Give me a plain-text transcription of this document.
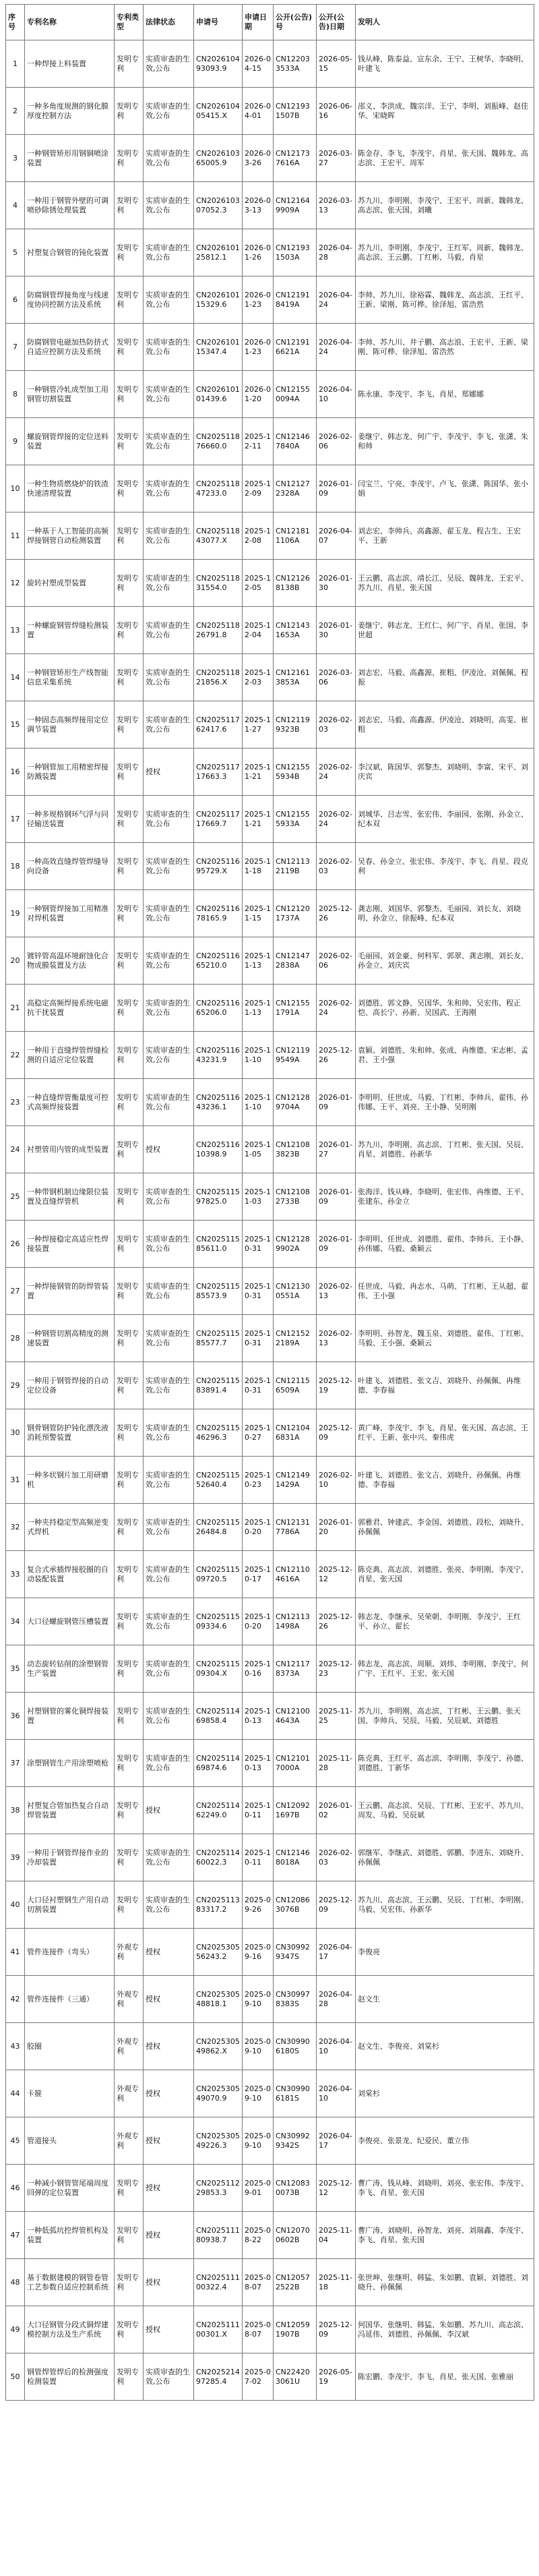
序号	专利名称	专利类型	法律状态	申请号	申请日期	公开(公告)号	公开(公告)日期	发明人
1	一种焊接上料装置	发明专利	实质审查的生效,公布	CN202610493093.9	2026-04-15	CN122033533A	2026-05-15	钱从峰、陈泰益、宣东余、王宁、王树华、李晓明、叶建飞
2	一种多角度规测的钢化膜厚度控制方法	发明专利	实质审查的生效,公布	CN202610405415.X	2026-04-01	CN121931507B	2026-06-16	邵义、李洪成、魏宗洋、王宁、李明、刘振峰、赵佳华、宋晓晖
3	一种钢管矫形用钢铜喷涂装置	发明专利	实质审查的生效,公布	CN202610365005.9	2026-03-26	CN121737616A	2026-03-27	陈金存、李飞、李茂宇、肖星、张天国、魏韩龙、高志滨、王宏平、周军
4	一种用于钢管外壁的可调喷砂除锈处理装置	发明专利	实质审查的生效,公布	CN202610307052.3	2026-03-13	CN121649909A	2026-03-13	苏九川、李明刚、李茂宁、王宏平、周新、魏韩龙、高志滨、张天国、刘曦
5	衬塑复合钢管的钝化装置	发明专利	实质审查的生效,公布	CN202610125812.1	2026-01-26	CN121931503A	2026-04-28	苏九川、李明刚、李茂宁、王红军、周新、魏韩龙、高志滨、王云鹏、丁红彬、马毅、肖星
6	防腐钢管焊接角度与线速度协同控制方法及系统	发明专利	实质审查的生效,公布	CN202610115329.6	2026-01-23	CN121918419A	2026-04-24	李帅、苏九川、徐裕霖、魏韩龙、高志滨、王红平、王新、梁刚、陈可桦、徐泽旭、雷浩然
7	防腐钢管电磁加热防挤式自适应控制方法及系统	发明专利	实质审查的生效,公布	CN202610115347.4	2026-01-23	CN121916621A	2026-04-24	李帅、苏九川、井子鹏、高志浪、王宏平、王新、梁刚、陈可桦、徐泽旭、雷浩然
8	一种钢管冷轧成型加工用钢管切割装置	发明专利	实质审查的生效,公布	CN202610101439.6	2026-01-20	CN121550094A	2026-04-10	陈永康、李茂宇、李飞、肖星、郑娜娜
9	螺旋钢管焊接的定位送料装置	发明专利	实质审查的生效,公布	CN202511876660.0	2025-12-11	CN121467840A	2026-02-06	姜继宁、韩志龙、何广宇、李茂宇、李飞、张潇、朱和帅
10	一种生物质燃烧炉的铁渣快速清理装置	发明专利	实质审查的生效,公布	CN202511847233.0	2025-12-09	CN121272328A	2026-01-09	闫宝兰、宁亮、李茂宇、卢飞、张潇、陈国华、张小娟
11	一种基于人工智能的高频焊接钢管自动检测装置	发明专利	实质审查的生效,公布	CN202511843077.X	2025-12-08	CN121811106A	2026-04-07	刘志宏、李帅兵、高鑫源、翟玉龙、程吉生、王宏平、王新
12	旋转衬塑成型装置	发明专利	实质审查的生效,公布	CN202511831554.0	2025-12-05	CN121268138B	2026-01-30	王云鹏、高志滨、靖长江、吴辰、魏韩龙、王宏平、苏九川、肖星、张天国
13	一种螺旋钢管焊缝检测装置	发明专利	实质审查的生效,公布	CN202511826791.8	2025-12-04	CN121431653A	2026-01-30	姜继宁、韩志龙、王红仁、何广宇、肖星、张国、李世超
14	一种钢管矫形生产线智能信息采集系统	发明专利	实质审查的生效,公布	CN202511821856.X	2025-12-03	CN121613853A	2026-03-06	刘志宏、马毅、高鑫源、崔粗、伊凌沧、刘佩佩、程振
15	一种固态高频焊接用定位调节装置	发明专利	实质审查的生效,公布	CN202511762417.6	2025-11-27	CN121199323B	2026-02-03	刘志宏、马毅、高鑫源、伊凌沧、刘晓明、高雯、崔粗
16	一种钢管加工用精密焊接防溅装置	发明专利	授权	CN202511717663.3	2025-11-21	CN121555934B	2026-02-24	李汉斌、陈国华、郭黎杰、刘晓明、李富、宋平、刘庆宾
17	一种多规格钢环气浮与同径输送装置	发明专利	实质审查的生效,公布	CN202511717669.7	2025-11-21	CN121555933A	2026-02-24	刘城华、吕志雪、张宏伟、李丽园、张刚、孙金立、纪本双
18	一种高效直缝焊管焊缝导向设备	发明专利	实质审查的生效,公布	CN202511695729.X	2025-11-18	CN121132119B	2026-02-03	吴春、孙金立、张宏伟、李茂宇、李飞、肖星、段克利
19	一种钢管焊接加工用精准对焊机装置	发明专利	实质审查的生效,公布	CN202511678165.9	2025-11-15	CN121201737A	2025-12-26	龚志刚、刘国华、郭黎杰、毛丽园、刘长友、刘晓明、孙金立、徐振峰、纪本双
20	镀锌管高温环境耐蚀化合物成膜装置及方法	发明专利	实质审查的生效,公布	CN202511665210.0	2025-11-13	CN121472838A	2026-02-06	毛丽园、刘金豪、何科军、郭翠、龚志刚、刘长友、孙金立、刘庆宾
21	高稳定高频焊接系统电磁抗干扰装置	发明专利	实质审查的生效,公布	CN202511665206.0	2025-11-13	CN121551791A	2026-02-24	刘德胜、郭文静、吴国华、朱和帅、吴宏伟、程正恺、高长宁、孙新、吴国武、王海刚
22	一种用于直缝焊管焊缝检测的自适应定位装置	发明专利	实质审查的生效,公布	CN202511643231.9	2025-11-10	CN121199549A	2025-12-26	袁颖、刘德胜、朱和帅、张成、冉维德、宋志彬、孟君、王小强
23	一种直缝焊管衡量度可控式高频焊接装置	发明专利	实质审查的生效,公布	CN202511643236.1	2025-11-10	CN121289704A	2026-01-09	李明明、任世成、马毅、丁红彬、李帅兵、翟伟、孙伟娜、王平、刘亮、王小静、吴明刚
24	衬塑管用内管的成型装置	发明专利	授权	CN202511610398.9	2025-11-05	CN121083823B	2026-01-27	苏九川、李明刚、高志滨、丁红彬、张天国、吴辰、肖星、刘德胜、孙新华
25	一种带钢机制边缘限位装置及直缝焊管机	发明专利	实质审查的生效,公布	CN202511597825.0	2025-11-03	CN121082733B	2026-01-09	张海洋、钱从峰、李晓明、张宏伟、冉维德、王平、张建东、孙金立
26	一种焊接稳定高适应性焊接装置	发明专利	实质审查的生效,公布	CN202511585611.0	2025-10-31	CN121289902A	2026-01-09	李明明、任世成、刘德胜、翟伟、李帅兵、王小静、孙伟娜、马毅、桑颖云
27	一种焊接钢管的防焊管装置	发明专利	实质审查的生效,公布	CN202511585573.9	2025-10-31	CN121300551A	2026-02-13	任世成、马毅、冉志水、马萌、丁红彬、王从超、翟伟、王小强
28	一种钢管切割高精度的测速装置	发明专利	实质审查的生效,公布	CN202511585577.7	2025-10-31	CN121522189A	2026-02-13	李明明、孙智龙、魏玉泉、刘德胜、翟伟、丁红彬、马毅、王小强、桑颖云
29	一种用于钢管焊接的自动定位设备	发明专利	实质审查的生效,公布	CN202511583891.4	2025-10-31	CN121156509A	2025-12-19	叶建飞、刘德胜、张文吉、刘晓升、孙佩佩、冉维德、李春福
30	钢骨钢管防护钝化漂洗液消耗预警装置	发明专利	实质审查的生效,公布	CN202511546296.3	2025-10-27	CN121046831A	2025-12-09	黄广峰、李茂宇、李飞、肖星、张天国、高志滨、王红平、王新、张中兴、秦伟虎
31	一种多状钢片加工用研磨机	发明专利	实质审查的生效,公布	CN202511552640.4	2025-10-23	CN121491429A	2026-02-10	叶建飞、刘德胜、张文吉、刘晓升、孙佩佩、冉维德、李春福
32	一种夹持稳定型高频逆变式焊机	发明专利	实质审查的生效,公布	CN202511526484.8	2025-10-20	CN121317786A	2026-01-20	郭雅君、钟建武、李金国、刘德胜、段松、刘晓升、孙佩佩
33	复合式承插焊接胶圈的自动装配装置	发明专利	实质审查的生效,公布	CN202511509720.5	2025-10-17	CN121104616A	2025-12-12	陈克典、高志滨、刘德胜、张亮、李明刚、李茂宁、肖星、张天国
34	大口径螺旋钢管压槽装置	发明专利	实质审查的生效,公布	CN202511509334.6	2025-10-20	CN121131498A	2025-12-26	韩志龙、李继承、吴荣朝、李明刚、李茂宁、王红平、孙立、翟长
35	动态旋转钻削的涂塑钢管生产装置	发明专利	实质审查的生效,公布	CN202511509304.X	2025-10-16	CN121178373A	2025-12-23	韩志龙、高志滨、周顺、刘炜、李明刚、李茂宁、何广宇、王红平、王宏、张天国
36	衬塑钢管的雾化铜焊接装置	发明专利	实质审查的生效,公布	CN202511469858.4	2025-10-13	CN121004643A	2025-11-25	苏九川、李明刚、高志滨、丁红彬、王云鹏、张天国、李帅兵、吴辰、马毅、吴辰斌、刘德胜
37	涂塑钢管生产用涂塑喷枪	发明专利	实质审查的生效,公布	CN202511469874.6	2025-10-13	CN121017000A	2025-11-28	陈克典、王红平、高志滨、李明刚、李茂宁、孙德、刘德胜、丁新华
38	衬塑复合管加热复合自动焊管装置	发明专利	授权	CN202511462249.0	2025-10-11	CN120921697B	2026-01-02	王云鹏、高志滨、吴辰、丁红彬、王宏平、苏九川、周发、马毅、吴辰斌
39	一种用于钢管焊接作业的冷却装置	发明专利	实质审查的生效,公布	CN202511460022.3	2025-10-11	CN121468018A	2026-02-03	郭继军、李继武、刘德胜、郭鹏、李进东、刘晓升、孙佩佩
40	大口径衬塑钢生产用自动切割装置	发明专利	实质审查的生效,公布	CN202511383317.2	2025-09-26	CN120863076B	2025-12-09	苏九川、高志滨、王云鹏、吴辰、丁红彬、李明刚、马毅、吴宏伟、孙新华
41	管件连接件（弯头）	外观专利	授权	CN202530556243.2	2025-09-16	CN309929347S	2026-04-17	李俊亮
42	管件连接件（三通）	外观专利	授权	CN202530548818.1	2025-09-10	CN309978383S	2026-04-28	赵文生
43	胶圈	外观专利	授权	CN202530549862.X	2025-09-10	CN309906180S	2026-04-10	赵文生、李俊亮、刘棠杉
44	卡箍	外观专利	授权	CN202530549070.9	2025-09-10	CN309906181S	2026-04-10	刘棠杉
45	管道接头	外观专利	授权	CN202530549226.3	2025-09-10	CN309929342S	2026-04-17	李俊亮、张景龙、纪爱民、董立伟
46	一种减小钢管管尾端周度回弹的定位装置	发明专利	授权	CN202511229853.3	2025-09-01	CN120830073B	2025-12-12	曹广涛、钱从峰、刘晓明、刘亮、张宏伟、李茂宇、李飞、肖星、张天国
47	一种低弧坑控焊管机构及装置	发明专利	授权	CN202511180938.7	2025-08-22	CN120700602B	2025-11-04	曹广涛、刘晓明、孙智龙、刘亮、刘瑞鑫、李茂宇、李飞、肖星、张天国
48	基于数据建模的钢管卷管工艺参数自适应控制系统	发明专利	授权	CN202511100322.4	2025-08-07	CN120572522B	2025-11-18	张世坤、张继明、韩猛、朱如鹏、袁颖、刘德胜、刘晓升、孙佩佩
49	大口径钢管分段式铜焊建模控制方法及生产系统	发明专利	授权	CN202511100301.X	2025-08-07	CN120591907B	2025-12-09	何国华、张继明、韩猛、朱如鹏、苏九川、高志滨、冯延伟、刘德胜、孙佩佩、李汉斌
50	钢管焊管焊后的检测强度检测装置	发明专利	实质审查的生效,公布	CN202521497285.4	2025-07-02	CN224203061U	2026-05-19	陈宏鹏、李茂宇、李飞、肖星、张天国、张雅丽
